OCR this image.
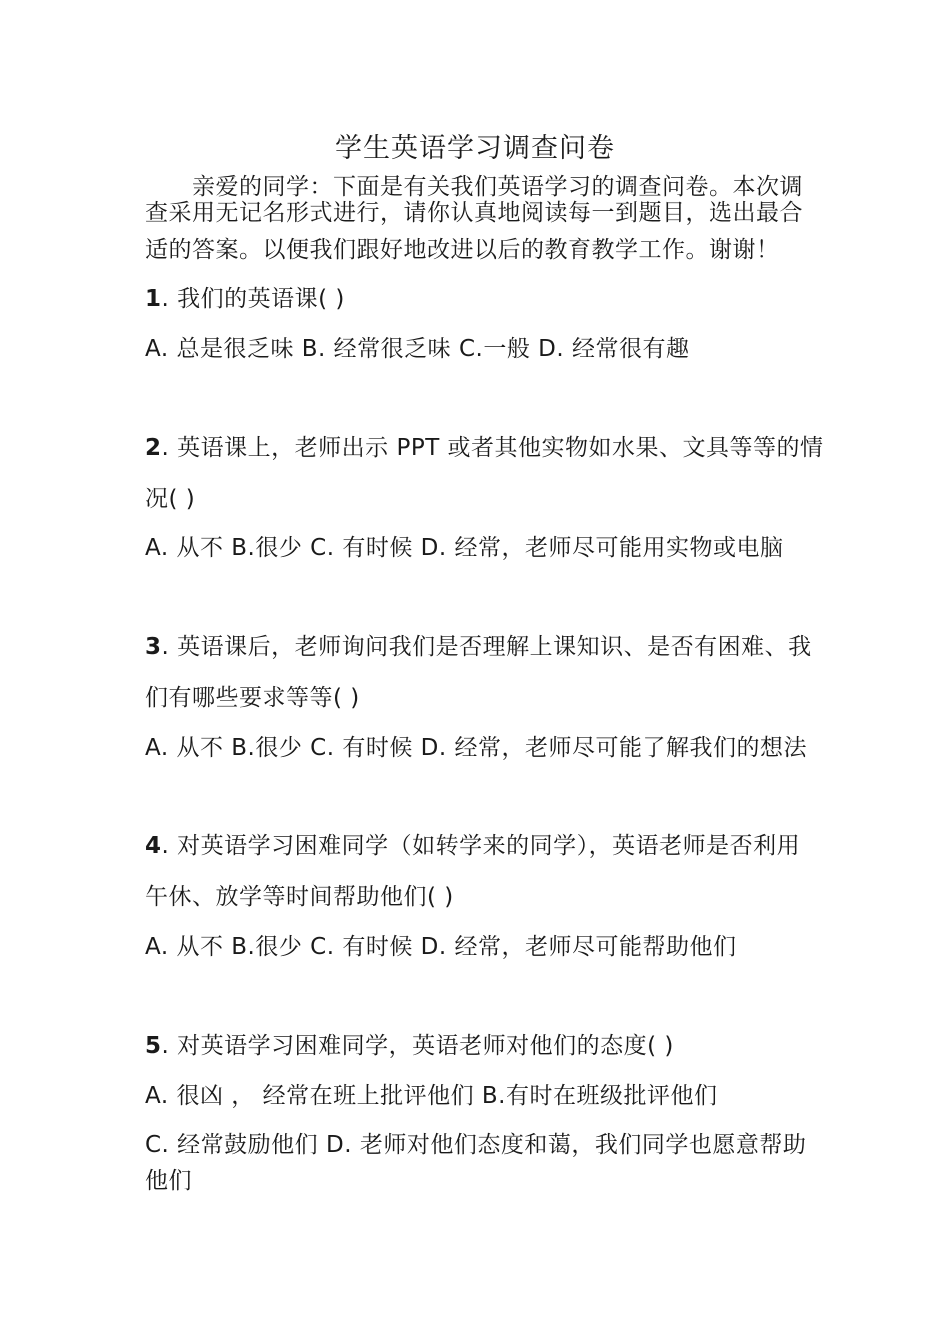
学生英语学习调查问卷
亲爱的同学：下面是有关我们英语学习的调查问卷。本次调
查采用无记名形式进行，请你认真地阅读每一到题目，选出最合
适的答案。以便我们跟好地改进以后的教育教学工作。谢谢！
1. 我们的英语课( )
A. 总是很乏味 B. 经常很乏味 C.一般 D. 经常很有趣
2. 英语课上，老师出示 PPT 或者其他实物如水果、文具等等的情
况( )
A. 从不 B.很少 C. 有时候 D. 经常，老师尽可能用实物或电脑
3. 英语课后，老师询问我们是否理解上课知识、是否有困难、我
们有哪些要求等等( )
A. 从不 B.很少 C. 有时候 D. 经常，老师尽可能了解我们的想法
4. 对英语学习困难同学（如转学来的同学），英语老师是否利用
午休、放学等时间帮助他们( )
A. 从不 B.很少 C. 有时候 D. 经常，老师尽可能帮助他们
5. 对英语学习困难同学，英语老师对他们的态度( )
A. 很凶 ， 经常在班上批评他们 B.有时在班级批评他们
C. 经常鼓励他们 D. 老师对他们态度和蔼，我们同学也愿意帮助
他们
